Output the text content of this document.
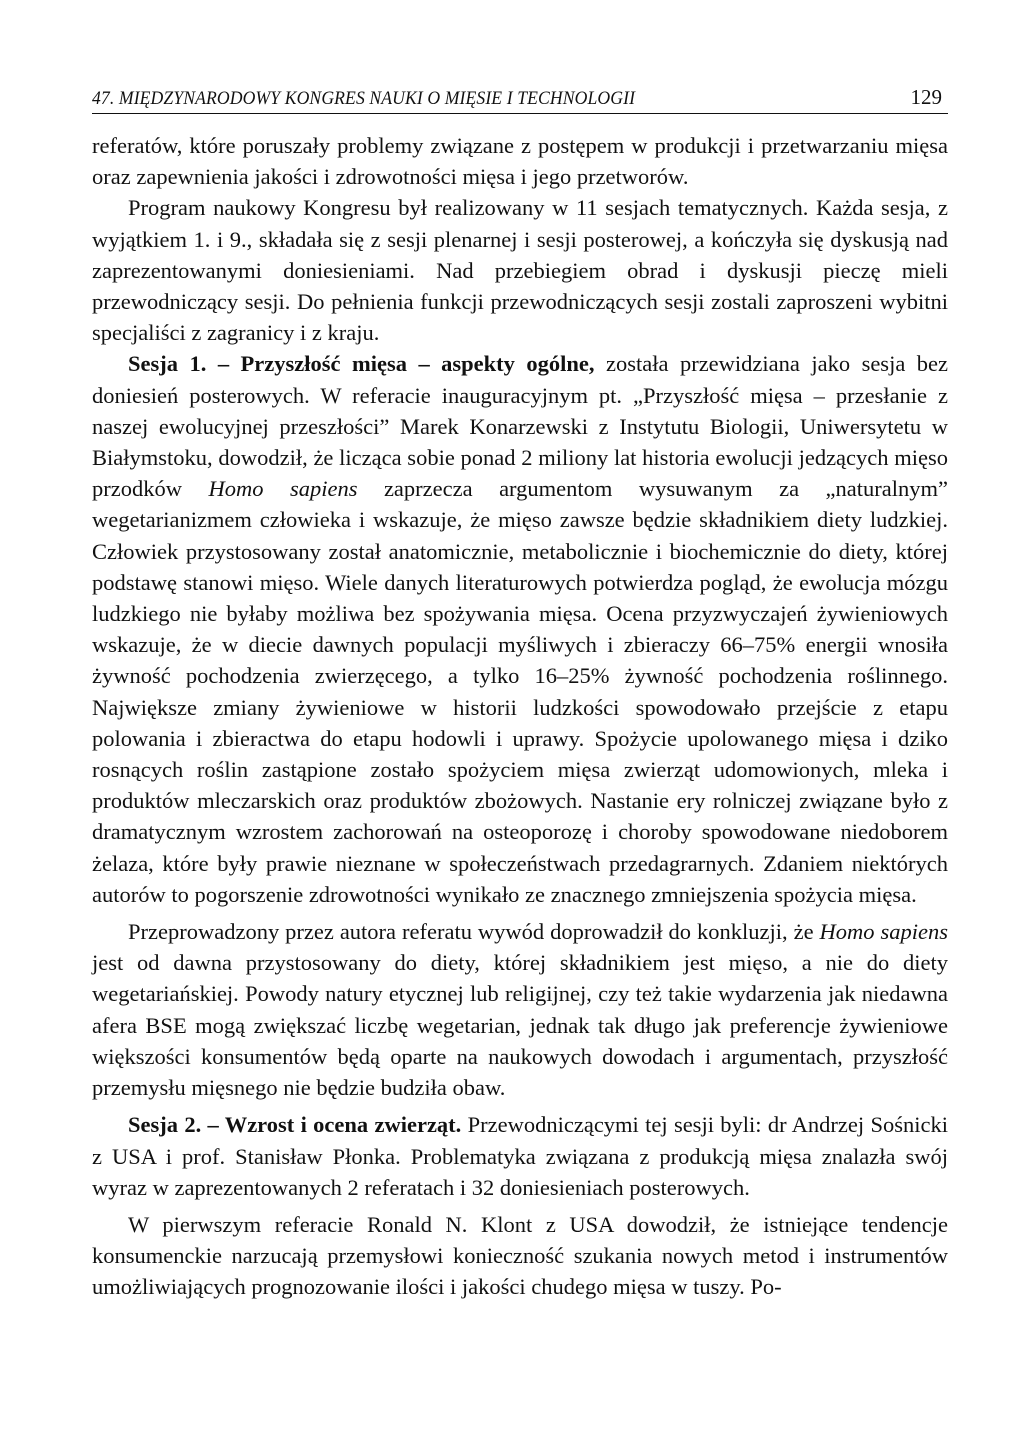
47. MIĘDZYNARODOWY KONGRES NAUKI O MIĘSIE I TECHNOLOGII	129

referatów, które poruszały problemy związane z postępem w produkcji i przetwarzaniu mięsa oraz zapewnienia jakości i zdrowotności mięsa i jego przetworów.

Program naukowy Kongresu był realizowany w 11 sesjach tematycznych. Każda sesja, z wyjątkiem 1. i 9., składała się z sesji plenarnej i sesji posterowej, a kończyła się dyskusją nad zaprezentowanymi doniesieniami. Nad przebiegiem obrad i dyskusji pieczę mieli przewodniczący sesji. Do pełnienia funkcji przewodniczących sesji zostali zaproszeni wybitni specjaliści z zagranicy i z kraju.

Sesja 1. – Przyszłość mięsa – aspekty ogólne, została przewidziana jako sesja bez doniesień posterowych. W referacie inauguracyjnym pt. „Przyszłość mięsa – przesłanie z naszej ewolucyjnej przeszłości” Marek Konarzewski z Instytutu Biologii, Uniwersytetu w Białymstoku, dowodził, że licząca sobie ponad 2 miliony lat historia ewolucji jedzących mięso przodków Homo sapiens zaprzecza argumentom wysuwanym za „naturalnym” wegetarianizmem człowieka i wskazuje, że mięso zawsze będzie składnikiem diety ludzkiej. Człowiek przystosowany został anatomicznie, metabolicznie i biochemicznie do diety, której podstawę stanowi mięso. Wiele danych literaturowych potwierdza pogląd, że ewolucja mózgu ludzkiego nie byłaby możliwa bez spożywania mięsa. Ocena przyzwyczajeń żywieniowych wskazuje, że w diecie dawnych populacji myśliwych i zbieraczy 66–75% energii wnosiła żywność pochodzenia zwierzęcego, a tylko 16–25% żywność pochodzenia roślinnego. Największe zmiany żywieniowe w historii ludzkości spowodowało przejście z etapu polowania i zbieractwa do etapu hodowli i uprawy. Spożycie upolowanego mięsa i dziko rosnących roślin zastąpione zostało spożyciem mięsa zwierząt udomowionych, mleka i produktów mleczarskich oraz produktów zbożowych. Nastanie ery rolniczej związane było z dramatycznym wzrostem zachorowań na osteoporozę i choroby spowodowane niedoborem żelaza, które były prawie nieznane w społeczeństwach przedagrarnych. Zdaniem niektórych autorów to pogorszenie zdrowotności wynikało ze znacznego zmniejszenia spożycia mięsa.

Przeprowadzony przez autora referatu wywód doprowadził do konkluzji, że Homo sapiens jest od dawna przystosowany do diety, której składnikiem jest mięso, a nie do diety wegetariańskiej. Powody natury etycznej lub religijnej, czy też takie wydarzenia jak niedawna afera BSE mogą zwiększać liczbę wegetarian, jednak tak długo jak preferencje żywieniowe większości konsumentów będą oparte na naukowych dowodach i argumentach, przyszłość przemysłu mięsnego nie będzie budziła obaw.

Sesja 2. – Wzrost i ocena zwierząt. Przewodniczącymi tej sesji byli: dr Andrzej Sośnicki z USA i prof. Stanisław Płonka. Problematyka związana z produkcją mięsa znalazła swój wyraz w zaprezentowanych 2 referatach i 32 doniesieniach posterowych.

W pierwszym referacie Ronald N. Klont z USA dowodził, że istniejące tendencje konsumenckie narzucają przemysłowi konieczność szukania nowych metod i instrumentów umożliwiających prognozowanie ilości i jakości chudego mięsa w tuszy. Po-
